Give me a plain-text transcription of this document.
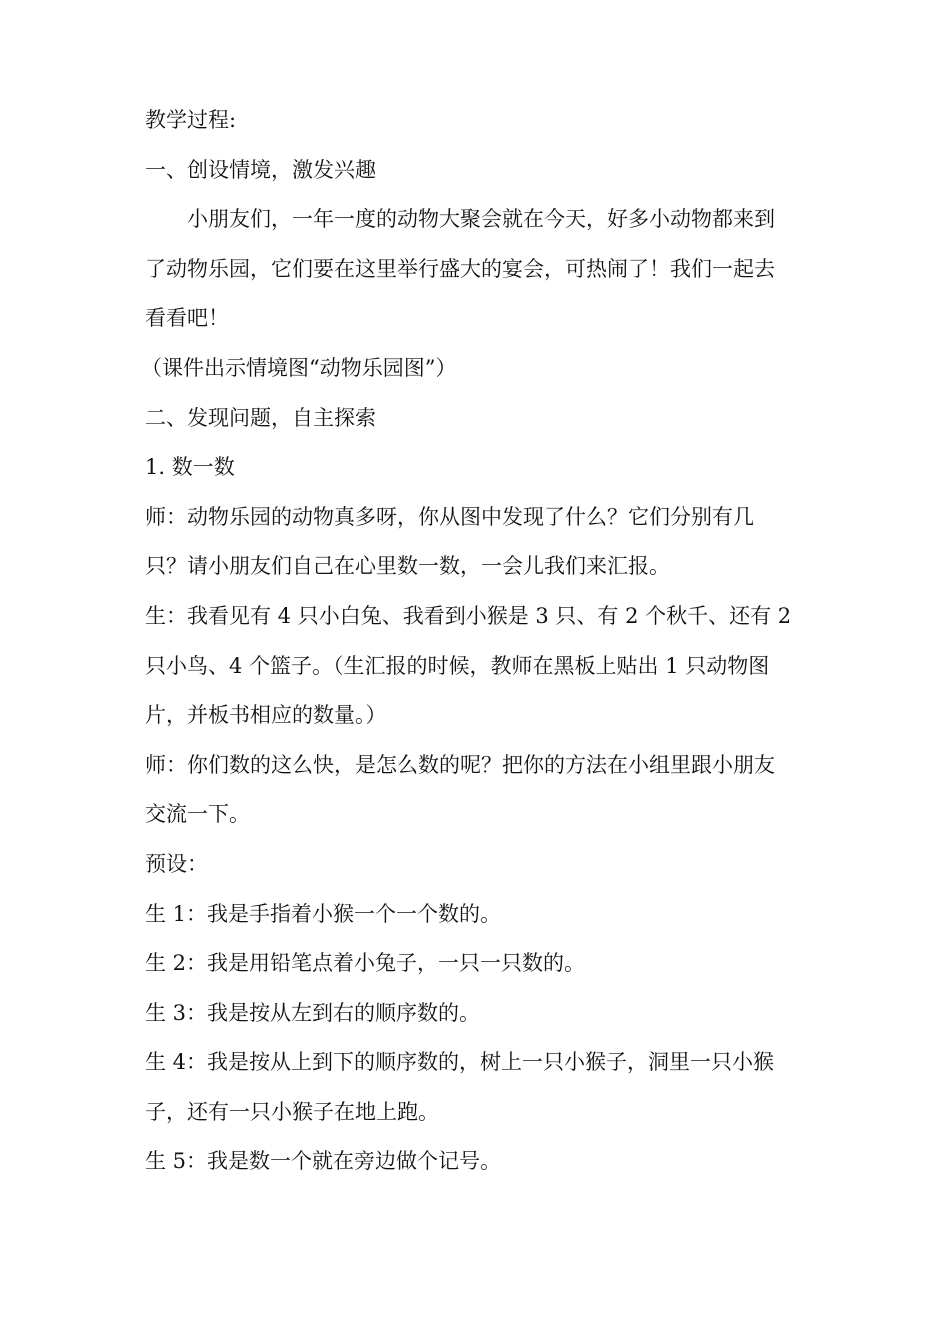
教学过程:
一、创设情境，激发兴趣
小朋友们，一年一度的动物大聚会就在今天，好多小动物都来到
了动物乐园，它们要在这里举行盛大的宴会，可热闹了！我们一起去
看看吧！
（课件出示情境图“动物乐园图”）
二、发现问题，自主探索
1. 数一数
师：动物乐园的动物真多呀，你从图中发现了什么？它们分别有几
只？请小朋友们自己在心里数一数，一会儿我们来汇报。
生：我看见有 4 只小白兔、我看到小猴是 3 只、有 2 个秋千、还有 2
只小鸟、4 个篮子。（生汇报的时候，教师在黑板上贴出 1 只动物图
片，并板书相应的数量。）
师：你们数的这么快，是怎么数的呢？把你的方法在小组里跟小朋友
交流一下。
预设：
生 1：我是手指着小猴一个一个数的。
生 2：我是用铅笔点着小兔子，一只一只数的。
生 3：我是按从左到右的顺序数的。
生 4：我是按从上到下的顺序数的，树上一只小猴子，洞里一只小猴
子，还有一只小猴子在地上跑。
生 5：我是数一个就在旁边做个记号。
